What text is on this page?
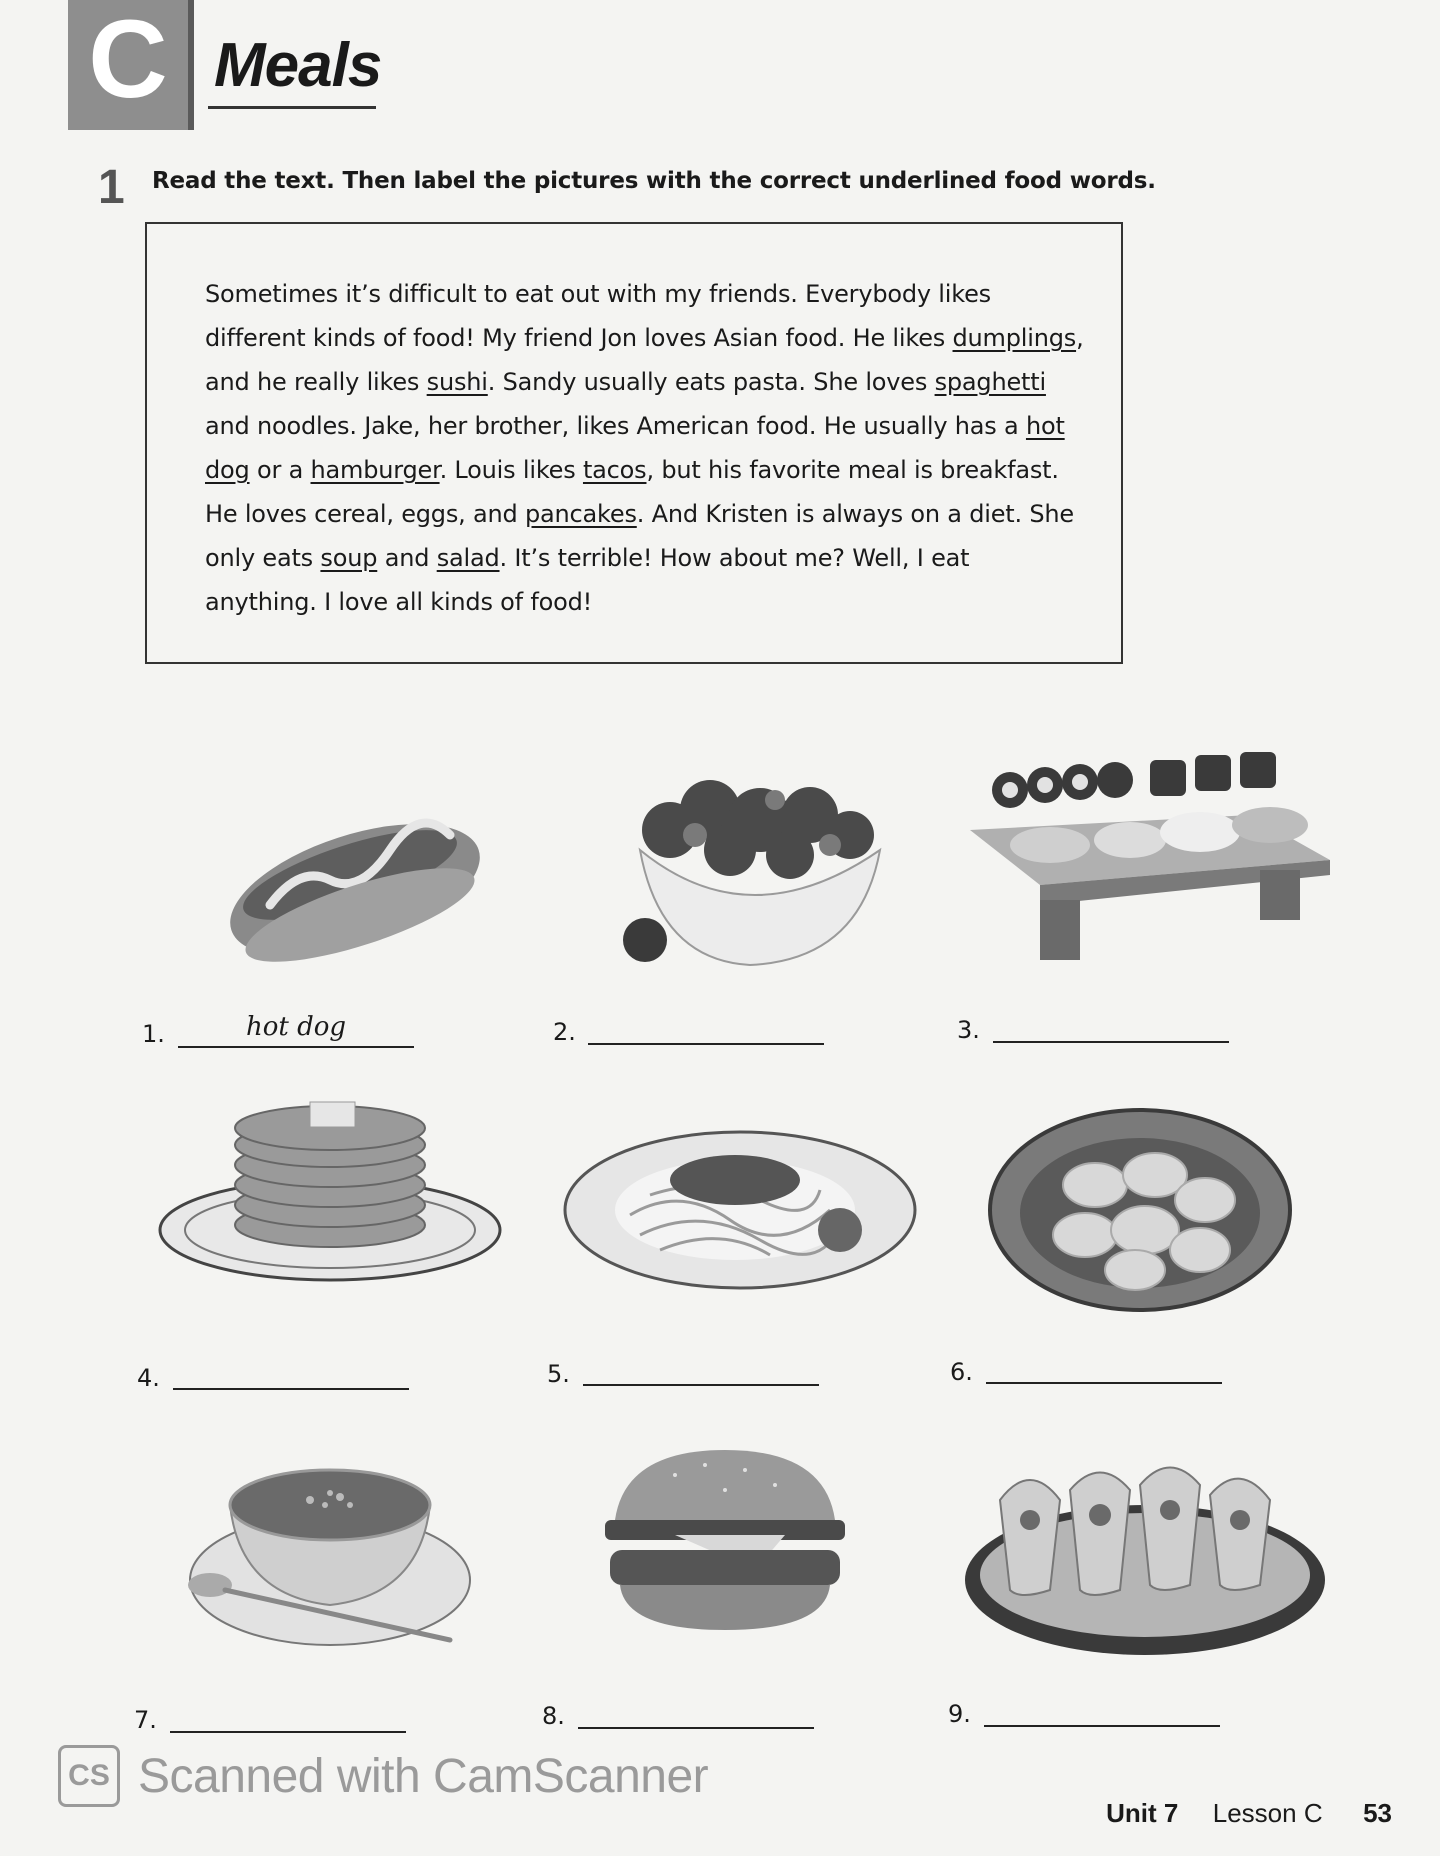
C Meals
1 Read the text. Then label the pictures with the correct underlined food words.
Sometimes it’s difficult to eat out with my friends. Everybody likes different kinds of food! My friend Jon loves Asian food. He likes dumplings, and he really likes sushi. Sandy usually eats pasta. She loves spaghetti and noodles. Jake, her brother, likes American food. He usually has a hot dog or a hamburger. Louis likes tacos, but his favorite meal is breakfast. He loves cereal, eggs, and pancakes. And Kristen is always on a diet. She only eats soup and salad. It’s terrible! How about me? Well, I eat anything. I love all kinds of food!
1.	hot dog	2.	3.
4.	5.	6.
7.	8.	9.
CS Scanned with CamScanner
Unit 7 Lesson C 53
